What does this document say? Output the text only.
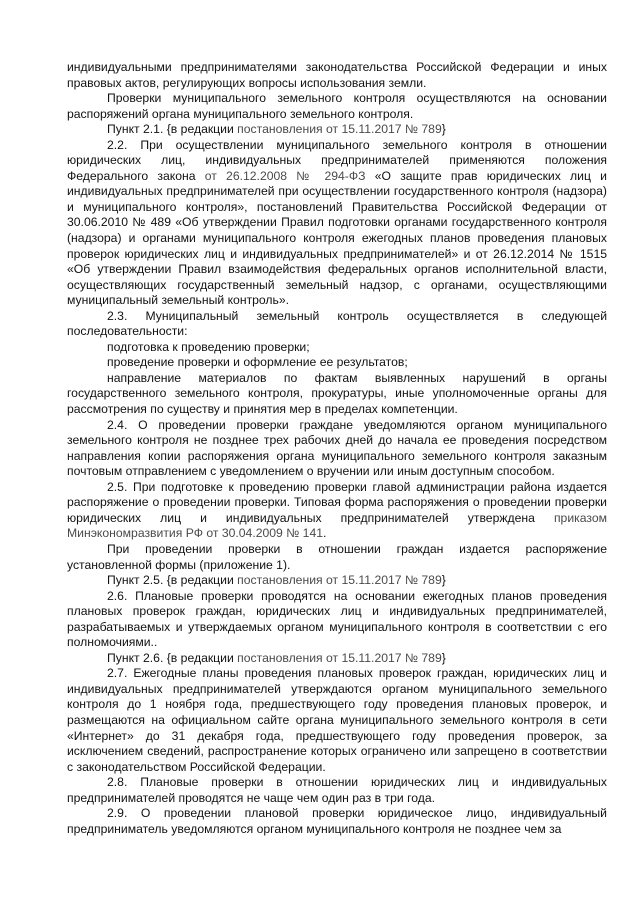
индивидуальными предпринимателями законодательства Российской Федерации и иных правовых актов, регулирующих вопросы использования земли.

Проверки муниципального земельного контроля осуществляются на основании распоряжений органа муниципального земельного контроля.

Пункт 2.1. {в редакции постановления от 15.11.2017 № 789}

2.2. При осуществлении муниципального земельного контроля в отношении юридических лиц, индивидуальных предпринимателей применяются положения Федерального закона от 26.12.2008 № 294-ФЗ «О защите прав юридических лиц и индивидуальных предпринимателей при осуществлении государственного контроля (надзора) и муниципального контроля», постановлений Правительства Российской Федерации от 30.06.2010 № 489 «Об утверждении Правил подготовки органами государственного контроля (надзора) и органами муниципального контроля ежегодных планов проведения плановых проверок юридических лиц и индивидуальных предпринимателей» и от 26.12.2014 № 1515 «Об утверждении Правил взаимодействия федеральных органов исполнительной власти, осуществляющих государственный земельный надзор, с органами, осуществляющими муниципальный земельный контроль».

2.3. Муниципальный земельный контроль осуществляется в следующей последовательности:

подготовка к проведению проверки;

проведение проверки и оформление ее результатов;

направление материалов по фактам выявленных нарушений в органы государственного земельного контроля, прокуратуры, иные уполномоченные органы для рассмотрения по существу и принятия мер в пределах компетенции.

2.4. О проведении проверки граждане уведомляются органом муниципального земельного контроля не позднее трех рабочих дней до начала ее проведения посредством направления копии распоряжения органа муниципального земельного контроля заказным почтовым отправлением с уведомлением о вручении или иным доступным способом.

2.5. При подготовке к проведению проверки главой администрации района издается распоряжение о проведении проверки. Типовая форма распоряжения о проведении проверки юридических лиц и индивидуальных предпринимателей утверждена приказом Минэкономразвития РФ от 30.04.2009 № 141.

При проведении проверки в отношении граждан издается распоряжение установленной формы (приложение 1).

Пункт 2.5. {в редакции постановления от 15.11.2017 № 789}

2.6. Плановые проверки проводятся на основании ежегодных планов проведения плановых проверок граждан, юридических лиц и индивидуальных предпринимателей, разрабатываемых и утверждаемых органом муниципального контроля в соответствии с его полномочиями..

Пункт 2.6. {в редакции постановления от 15.11.2017 № 789}

2.7. Ежегодные планы проведения плановых проверок граждан, юридических лиц и индивидуальных предпринимателей утверждаются органом муниципального земельного контроля до 1 ноября года, предшествующего году проведения плановых проверок, и размещаются на официальном сайте органа муниципального земельного контроля в сети «Интернет» до 31 декабря года, предшествующего году проведения проверок, за исключением сведений, распространение которых ограничено или запрещено в соответствии с законодательством Российской Федерации.

2.8. Плановые проверки в отношении юридических лиц и индивидуальных предпринимателей проводятся не чаще чем один раз в три года.

2.9. О проведении плановой проверки юридическое лицо, индивидуальный предприниматель уведомляются органом муниципального контроля не позднее чем за
